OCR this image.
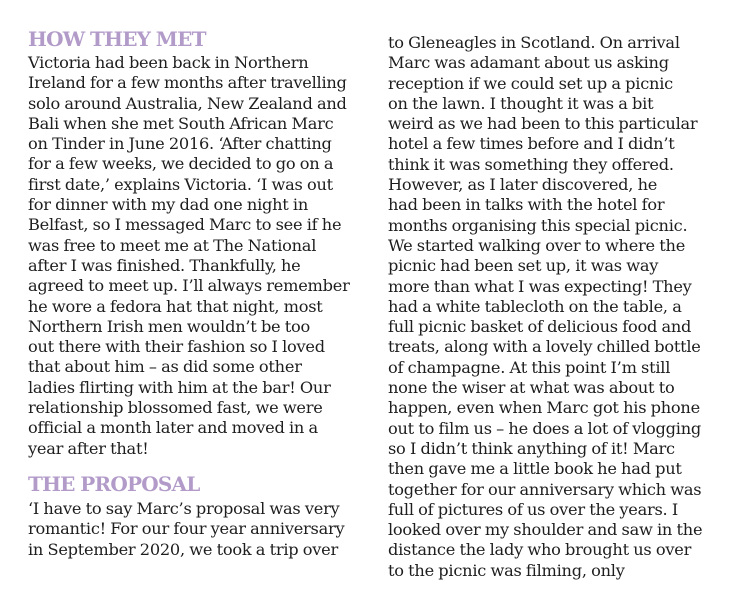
HOW THEY MET
Victoria had been back in Northern
Ireland for a few months after travelling
solo around Australia, New Zealand and
Bali when she met South African Marc
on Tinder in June 2016. ‘After chatting
for a few weeks, we decided to go on a
first date,’ explains Victoria. ‘I was out
for dinner with my dad one night in
Belfast, so I messaged Marc to see if he
was free to meet me at The National
after I was finished. Thankfully, he
agreed to meet up. I’ll always remember
he wore a fedora hat that night, most
Northern Irish men wouldn’t be too
out there with their fashion so I loved
that about him – as did some other
ladies flirting with him at the bar! Our
relationship blossomed fast, we were
official a month later and moved in a
year after that!
THE PROPOSAL
‘I have to say Marc’s proposal was very
romantic! For our four year anniversary
in September 2020, we took a trip over
to Gleneagles in Scotland. On arrival
Marc was adamant about us asking
reception if we could set up a picnic
on the lawn. I thought it was a bit
weird as we had been to this particular
hotel a few times before and I didn’t
think it was something they offered.
However, as I later discovered, he
had been in talks with the hotel for
months organising this special picnic.
We started walking over to where the
picnic had been set up, it was way
more than what I was expecting! They
had a white tablecloth on the table, a
full picnic basket of delicious food and
treats, along with a lovely chilled bottle
of champagne. At this point I’m still
none the wiser at what was about to
happen, even when Marc got his phone
out to film us – he does a lot of vlogging
so I didn’t think anything of it! Marc
then gave me a little book he had put
together for our anniversary which was
full of pictures of us over the years. I
looked over my shoulder and saw in the
distance the lady who brought us over
to the picnic was filming, only
